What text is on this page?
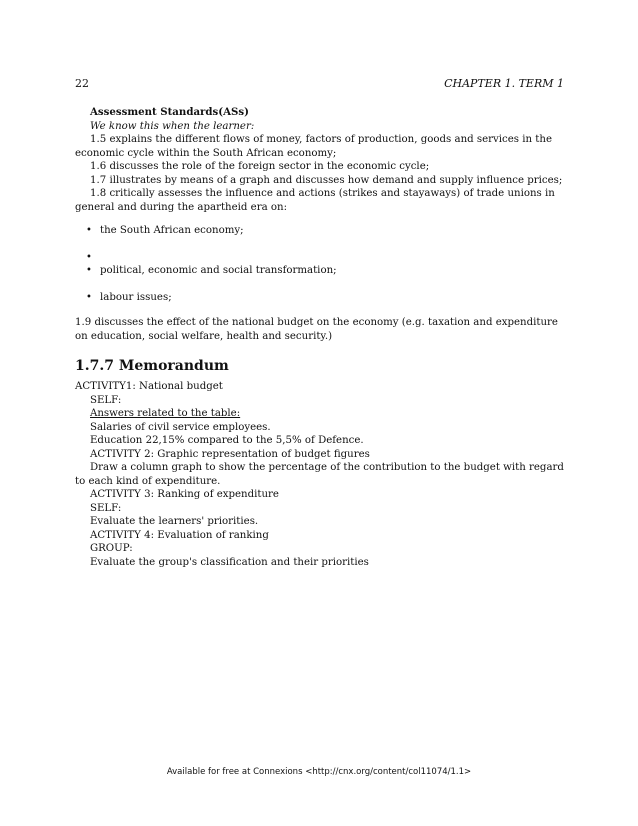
22	CHAPTER 1. TERM 1

Assessment Standards(ASs)

We know this when the learner:

1.5 explains the different flows of money, factors of production, goods and services in the economic cycle within the South African economy;

1.6 discusses the role of the foreign sector in the economic cycle;

1.7 illustrates by means of a graph and discusses how demand and supply influence prices;

1.8 critically assesses the influence and actions (strikes and stayaways) of trade unions in general and during the apartheid era on:

• the South African economy;
•
• political, economic and social transformation;
• labour issues;

1.9 discusses the effect of the national budget on the economy (e.g. taxation and expenditure on education, social welfare, health and security.)

1.7.7 Memorandum

ACTIVITY1: National budget

SELF:

Answers related to the table:

Salaries of civil service employees.

Education 22,15% compared to the 5,5% of Defence.

ACTIVITY 2: Graphic representation of budget figures

Draw a column graph to show the percentage of the contribution to the budget with regard to each kind of expenditure.

ACTIVITY 3: Ranking of expenditure

SELF:

Evaluate the learners' priorities.

ACTIVITY 4: Evaluation of ranking

GROUP:

Evaluate the group's classification and their priorities

Available for free at Connexions <http://cnx.org/content/col11074/1.1>
